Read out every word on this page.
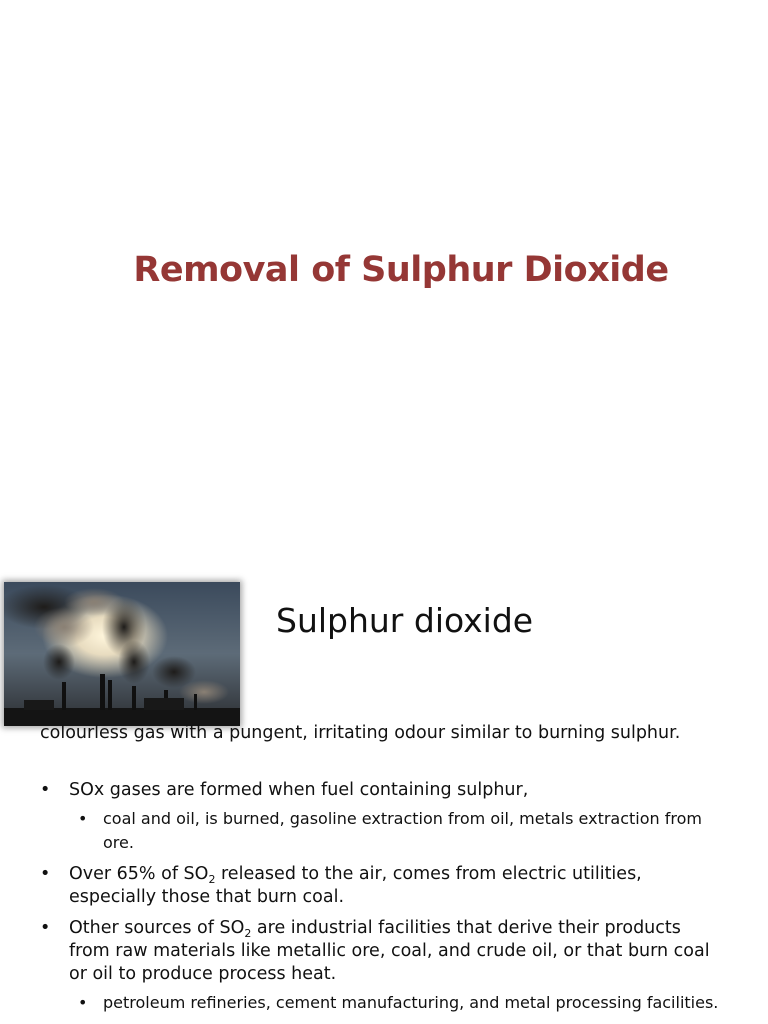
Removal of Sulphur Dioxide
Sulphur dioxide

colourless gas with a pungent, irritating odour similar to burning sulphur.

• SOx gases are formed when fuel containing sulphur,
• coal and oil, is burned, gasoline extraction from oil, metals extraction from ore.
• Over 65% of $SO_2$ released to the air, comes from electric utilities, especially those that burn coal.
• Other sources of $SO_2$ are industrial facilities that derive their products from raw materials like metallic ore, coal, and crude oil, or that burn coal or oil to produce process heat.
• petroleum refineries, cement manufacturing, and metal processing facilities.
